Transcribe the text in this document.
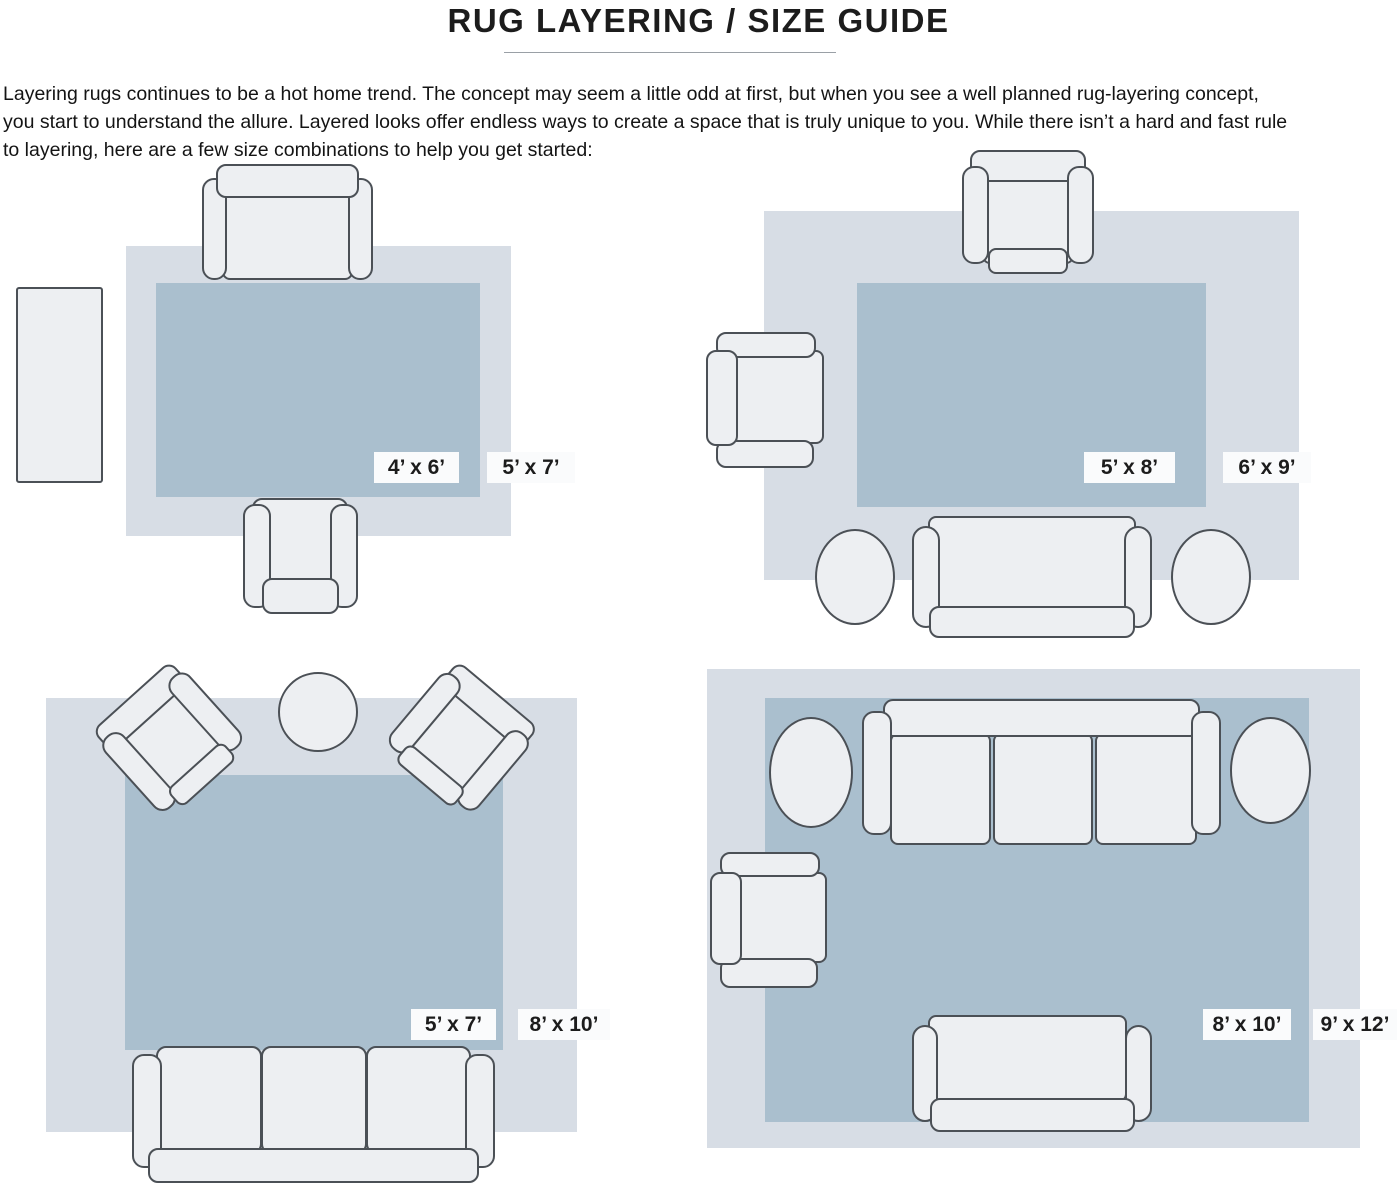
RUG LAYERING / SIZE GUIDE
Layering rugs continues to be a hot home trend. The concept may seem a little odd at first, but when you see a well planned rug-layering concept,
you start to understand the allure. Layered looks offer endless ways to create a space that is truly unique to you. While there isn’t a hard and fast rule
to layering, here are a few size combinations to help you get started:
4’ x 6’	5’ x 7’	5’ x 8’	6’ x 9’
5’ x 7’	8’ x 10’	8’ x 10’	9’ x 12’
